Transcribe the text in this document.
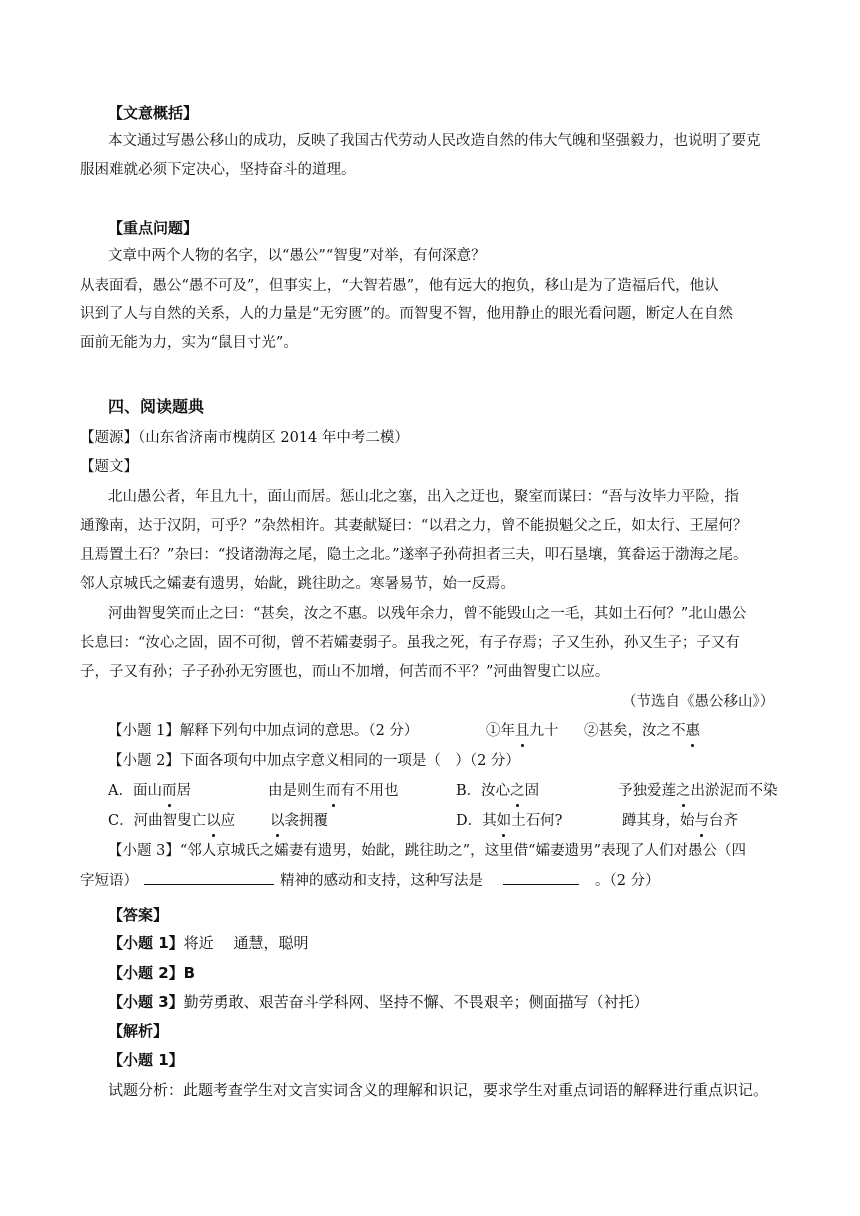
【文意概括】
本文通过写愚公移山的成功，反映了我国古代劳动人民改造自然的伟大气魄和坚强毅力，也说明了要克
服困难就必须下定决心，坚持奋斗的道理。
【重点问题】
文章中两个人物的名字，以“愚公”“智叟”对举，有何深意？
从表面看，愚公“愚不可及”，但事实上，“大智若愚”，他有远大的抱负，移山是为了造福后代，他认
识到了人与自然的关系，人的力量是“无穷匮”的。而智叟不智，他用静止的眼光看问题，断定人在自然
面前无能为力，实为“鼠目寸光”。
四、阅读题典
【题源】（山东省济南市槐荫区 2014 年中考二模）
【题文】
北山愚公者，年且九十，面山而居。惩山北之塞，出入之迂也，聚室而谋曰：“吾与汝毕力平险，指
通豫南，达于汉阴，可乎？”杂然相许。其妻献疑曰：“以君之力，曾不能损魁父之丘，如太行、王屋何？
且焉置土石？”杂曰：“投诸渤海之尾，隐土之北。”遂率子孙荷担者三夫，叩石垦壤，箕畚运于渤海之尾。
邻人京城氏之孀妻有遗男，始龀，跳往助之。寒暑易节，始一反焉。
河曲智叟笑而止之曰：“甚矣，汝之不惠。以残年余力，曾不能毁山之一毛，其如土石何？”北山愚公
长息曰：“汝心之固，固不可彻，曾不若孀妻弱子。虽我之死，有子存焉；子又生孙，孙又生子；子又有
子，子又有孙；子子孙孙无穷匮也，而山不加增，何苦而不平？”河曲智叟亡以应。
（节选自《愚公移山》）
【小题 1】解释下列句中加点词的意思。（2 分）	①年且九十 ②甚矣，汝之不惠
【小题 2】下面各项句中加点字意义相同的一项是（　）（2 分）
A．面山而居	由是则生而有不用也	B．汝心之固	予独爱莲之出淤泥而不染
C．河曲智叟亡以应 以衾拥覆	D．其如土石何?	蹲其身，始与台齐
【小题 3】“邻人京城氏之孀妻有遗男，始龀，跳往助之”，这里借“孀妻遗男”表现了人们对愚公（四
字短语）	精神的感动和支持，这种写法是	。（2 分）
【答案】
【小题 1】将近　 通慧，聪明
【小题 2】B
【小题 3】勤劳勇敢、艰苦奋斗学科网、坚持不懈、不畏艰辛；侧面描写（衬托）
【解析】
【小题 1】
试题分析：此题考查学生对文言实词含义的理解和识记，要求学生对重点词语的解释进行重点识记。
